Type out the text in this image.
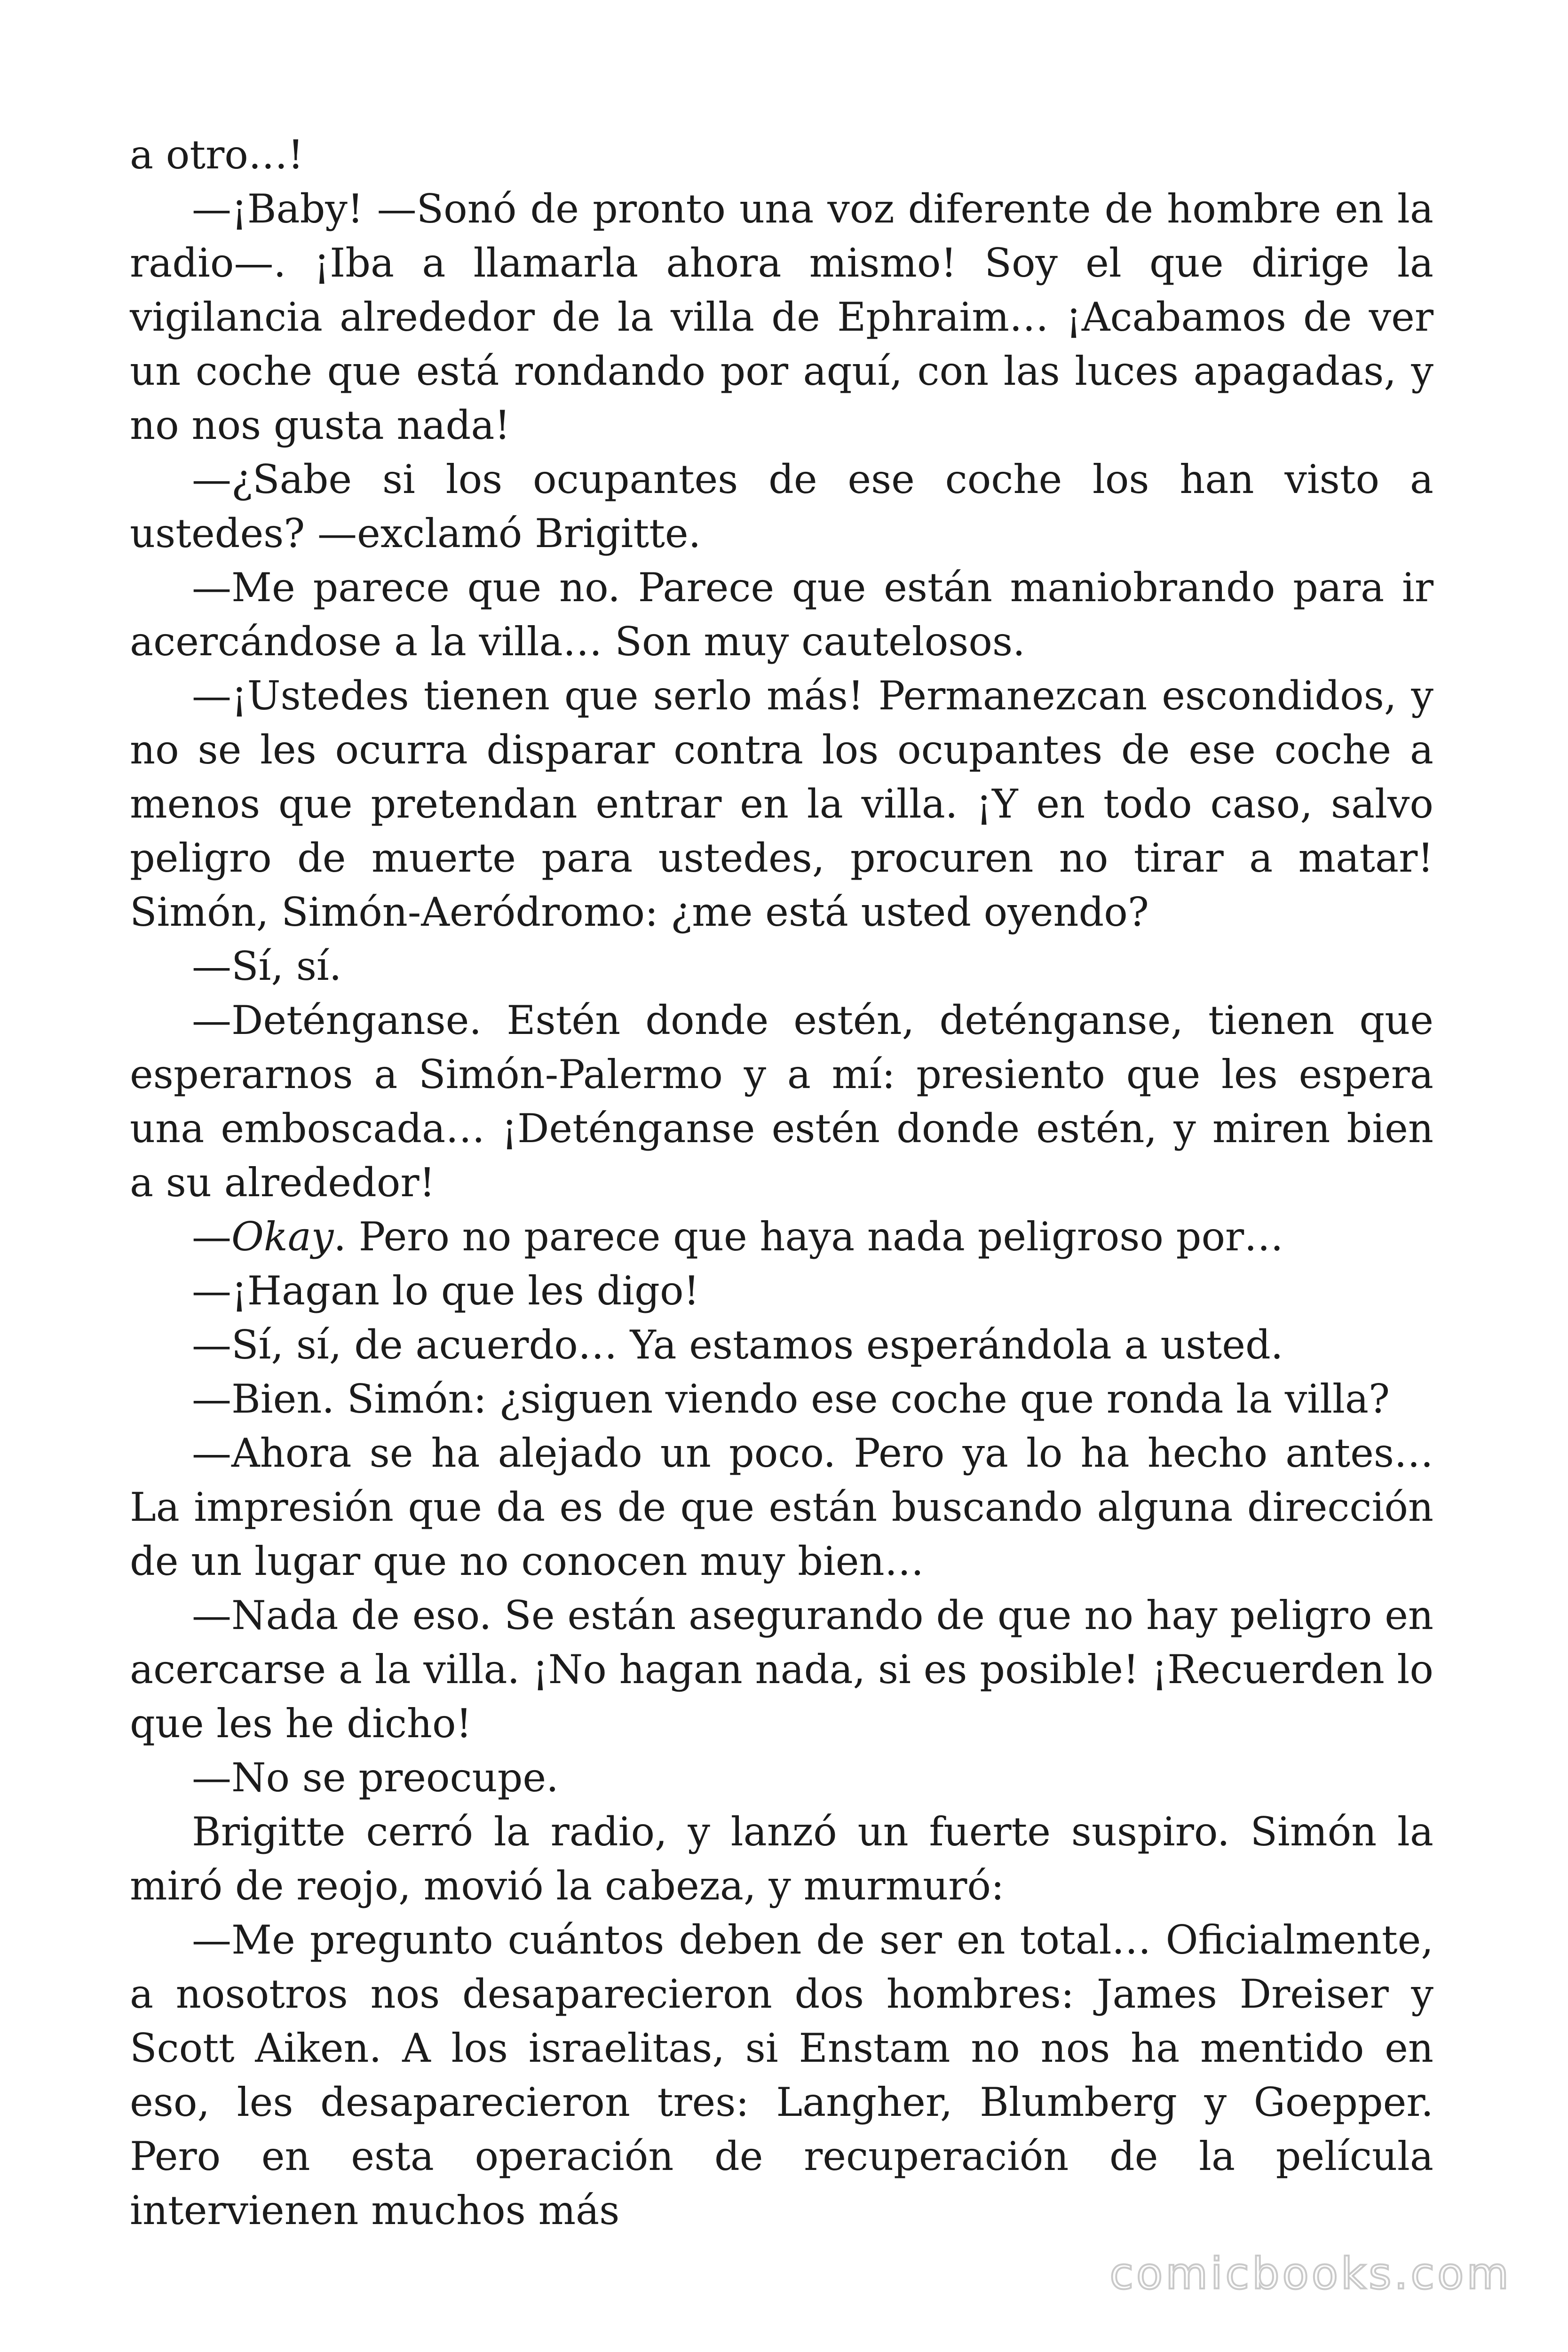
a otro…!

—¡Baby! —Sonó de pronto una voz diferente de hombre en la radio—. ¡Iba a llamarla ahora mismo! Soy el que dirige la vigilancia alrededor de la villa de Ephraim… ¡Acabamos de ver un coche que está rondando por aquí, con las luces apagadas, y no nos gusta nada!

—¿Sabe si los ocupantes de ese coche los han visto a ustedes? —exclamó Brigitte.

—Me parece que no. Parece que están maniobrando para ir acercándose a la villa… Son muy cautelosos.

—¡Ustedes tienen que serlo más! Permanezcan escondidos, y no se les ocurra disparar contra los ocupantes de ese coche a menos que pretendan entrar en la villa. ¡Y en todo caso, salvo peligro de muerte para ustedes, procuren no tirar a matar! Simón, Simón-Aeródromo: ¿me está usted oyendo?

—Sí, sí.

—Deténganse. Estén donde estén, deténganse, tienen que esperarnos a Simón-Palermo y a mí: presiento que les espera una emboscada… ¡Deténganse estén donde estén, y miren bien a su alrededor!

—Okay. Pero no parece que haya nada peligroso por…

—¡Hagan lo que les digo!

—Sí, sí, de acuerdo… Ya estamos esperándola a usted.

—Bien. Simón: ¿siguen viendo ese coche que ronda la villa?

—Ahora se ha alejado un poco. Pero ya lo ha hecho antes… La impresión que da es de que están buscando alguna dirección de un lugar que no conocen muy bien…

—Nada de eso. Se están asegurando de que no hay peligro en acercarse a la villa. ¡No hagan nada, si es posible! ¡Recuerden lo que les he dicho!

—No se preocupe.

Brigitte cerró la radio, y lanzó un fuerte suspiro. Simón la miró de reojo, movió la cabeza, y murmuró:

—Me pregunto cuántos deben de ser en total… Oficialmente, a nosotros nos desaparecieron dos hombres: James Dreiser y Scott Aiken. A los israelitas, si Enstam no nos ha mentido en eso, les desaparecieron tres: Langher, Blumberg y Goepper. Pero en esta operación de recuperación de la película intervienen muchos más

comicbooks.com
